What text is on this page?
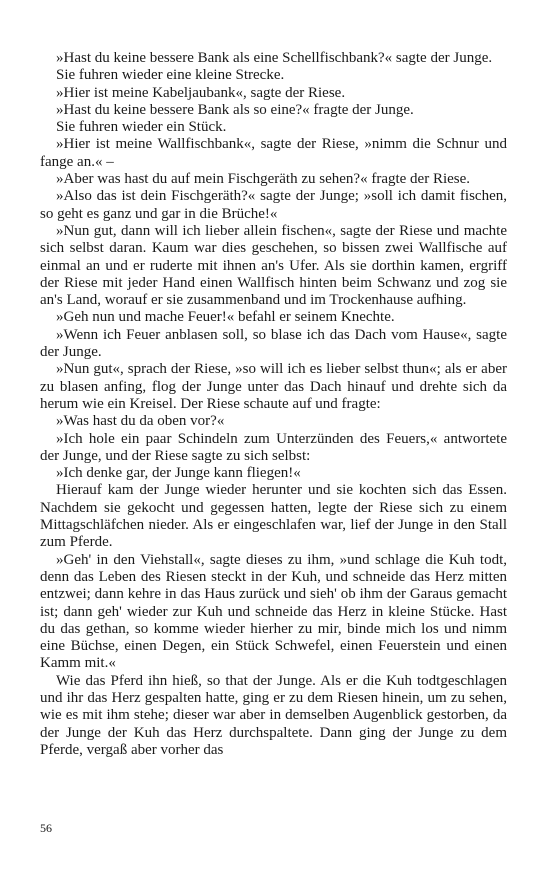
»Hast du keine bessere Bank als eine Schellfischbank?« sagte der Junge.

Sie fuhren wieder eine kleine Strecke.

»Hier ist meine Kabeljaubank«, sagte der Riese.

»Hast du keine bessere Bank als so eine?« fragte der Junge.

Sie fuhren wieder ein Stück.

»Hier ist meine Wallfischbank«, sagte der Riese, »nimm die Schnur und fange an.« –

»Aber was hast du auf mein Fischgeräth zu sehen?« fragte der Riese.

»Also das ist dein Fischgeräth?« sagte der Junge; »soll ich damit fischen, so geht es ganz und gar in die Brüche!«

»Nun gut, dann will ich lieber allein fischen«, sagte der Riese und machte sich selbst daran. Kaum war dies geschehen, so bissen zwei Wallfische auf einmal an und er ruderte mit ihnen an's Ufer. Als sie dorthin kamen, ergriff der Riese mit jeder Hand einen Wallfisch hinten beim Schwanz und zog sie an's Land, worauf er sie zusammenband und im Trockenhause aufhing.

»Geh nun und mache Feuer!« befahl er seinem Knechte.

»Wenn ich Feuer anblasen soll, so blase ich das Dach vom Hause«, sagte der Junge.

»Nun gut«, sprach der Riese, »so will ich es lieber selbst thun«; als er aber zu blasen anfing, flog der Junge unter das Dach hinauf und drehte sich da herum wie ein Kreisel. Der Riese schaute auf und fragte:

»Was hast du da oben vor?«

»Ich hole ein paar Schindeln zum Unterzünden des Feuers,« antwortete der Junge, und der Riese sagte zu sich selbst:

»Ich denke gar, der Junge kann fliegen!«

Hierauf kam der Junge wieder herunter und sie kochten sich das Essen. Nachdem sie gekocht und gegessen hatten, legte der Riese sich zu einem Mittagschläfchen nieder. Als er eingeschlafen war, lief der Junge in den Stall zum Pferde.

»Geh' in den Viehstall«, sagte dieses zu ihm, »und schlage die Kuh todt, denn das Leben des Riesen steckt in der Kuh, und schneide das Herz mitten entzwei; dann kehre in das Haus zurück und sieh' ob ihm der Garaus gemacht ist; dann geh' wieder zur Kuh und schneide das Herz in kleine Stücke. Hast du das gethan, so komme wieder hierher zu mir, binde mich los und nimm eine Büchse, einen Degen, ein Stück Schwefel, einen Feuerstein und einen Kamm mit.«

Wie das Pferd ihn hieß, so that der Junge. Als er die Kuh todtgeschlagen und ihr das Herz gespalten hatte, ging er zu dem Riesen hinein, um zu sehen, wie es mit ihm stehe; dieser war aber in demselben Augenblick gestorben, da der Junge der Kuh das Herz durchspaltete. Dann ging der Junge zu dem Pferde, vergaß aber vorher das

56
